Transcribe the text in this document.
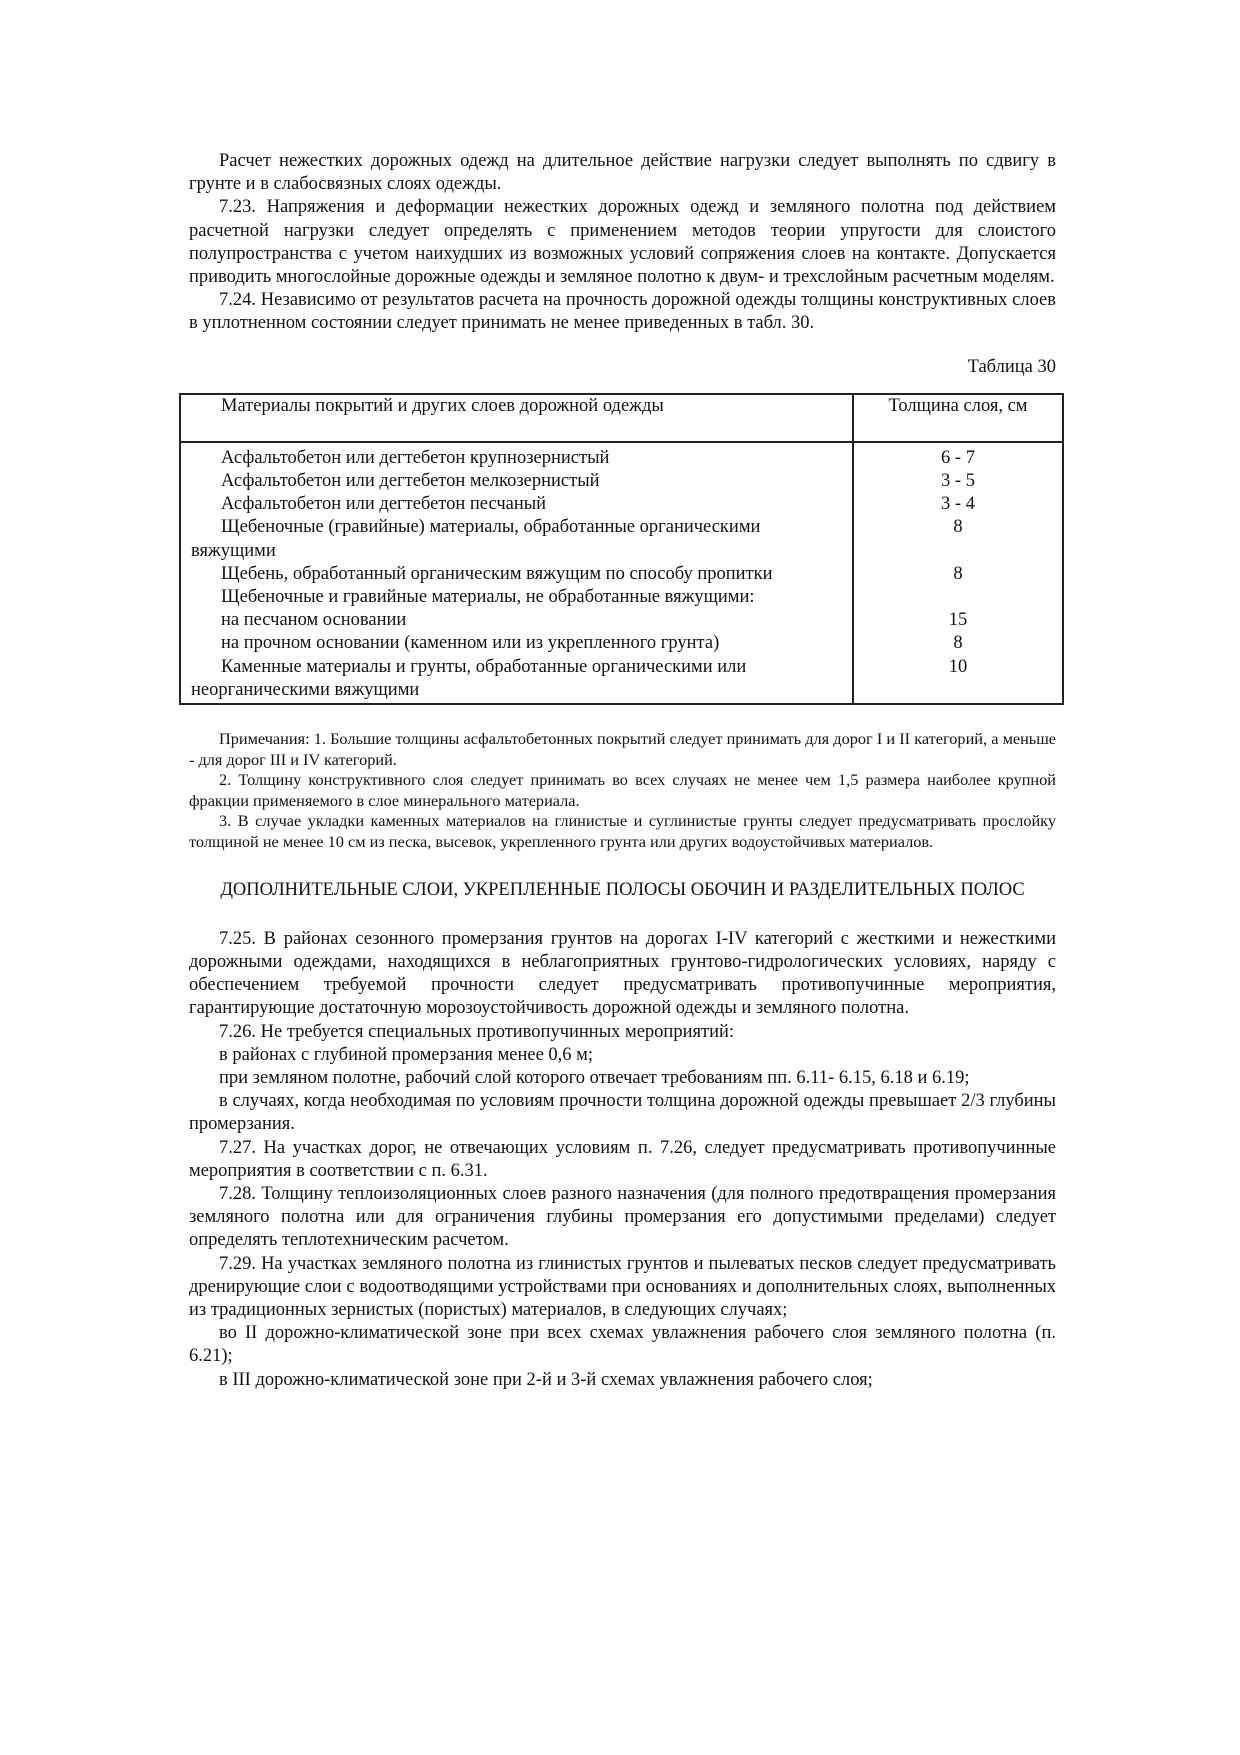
Расчет нежестких дорожных одежд на длительное действие нагрузки следует выполнять по сдвигу в грунте и в слабосвязных слоях одежды.

7.23. Напряжения и деформации нежестких дорожных одежд и земляного полотна под действием расчетной нагрузки следует определять с применением методов теории упругости для слоистого полупространства с учетом наихудших из возможных условий сопряжения слоев на контакте. Допускается приводить многослойные дорожные одежды и земляное полотно к двум- и трехслойным расчетным моделям.

7.24. Независимо от результатов расчета на прочность дорожной одежды толщины конструктивных слоев в уплотненном состоянии следует принимать не менее приведенных в табл. 30.

Таблица 30

Материалы покрытий и других слоев дорожной одежды	Толщина слоя, см

Асфальтобетон или дегтебетон крупнозернистый	6 - 7
Асфальтобетон или дегтебетон мелкозернистый	3 - 5
Асфальтобетон или дегтебетон песчаный	3 - 4
Щебеночные (гравийные) материалы, обработанные органическими вяжущими	8
Щебень, обработанный органическим вяжущим по способу пропитки	8
Щебеночные и гравийные материалы, не обработанные вяжущими:	
на песчаном основании	15
на прочном основании (каменном или из укрепленного грунта)	8
Каменные материалы и грунты, обработанные органическими или неорганическими вяжущими	10

Примечания: 1. Большие толщины асфальтобетонных покрытий следует принимать для дорог I и II категорий, а меньше - для дорог III и IV категорий.

2. Толщину конструктивного слоя следует принимать во всех случаях не менее чем 1,5 размера наиболее крупной фракции применяемого в слое минерального материала.

3. В случае укладки каменных материалов на глинистые и суглинистые грунты следует предусматривать прослойку толщиной не менее 10 см из песка, высевок, укрепленного грунта или других водоустойчивых материалов.

ДОПОЛНИТЕЛЬНЫЕ СЛОИ, УКРЕПЛЕННЫЕ ПОЛОСЫ ОБОЧИН И РАЗДЕЛИТЕЛЬНЫХ ПОЛОС

7.25. В районах сезонного промерзания грунтов на дорогах I-IV категорий с жесткими и нежесткими дорожными одеждами, находящихся в неблагоприятных грунтово-гидрологических условиях, наряду с обеспечением требуемой прочности следует предусматривать противопучинные мероприятия, гарантирующие достаточную морозоустойчивость дорожной одежды и земляного полотна.

7.26. Не требуется специальных противопучинных мероприятий:

в районах с глубиной промерзания менее 0,6 м;

при земляном полотне, рабочий слой которого отвечает требованиям пп. 6.11- 6.15, 6.18 и 6.19;

в случаях, когда необходимая по условиям прочности толщина дорожной одежды превышает 2/3 глубины промерзания.

7.27. На участках дорог, не отвечающих условиям п. 7.26, следует предусматривать противопучинные мероприятия в соответствии с п. 6.31.

7.28. Толщину теплоизоляционных слоев разного назначения (для полного предотвращения промерзания земляного полотна или для ограничения глубины промерзания его допустимыми пределами) следует определять теплотехническим расчетом.

7.29. На участках земляного полотна из глинистых грунтов и пылеватых песков следует предусматривать дренирующие слои с водоотводящими устройствами при основаниях и дополнительных слоях, выполненных из традиционных зернистых (пористых) материалов, в следующих случаях;

во II дорожно-климатической зоне при всех схемах увлажнения рабочего слоя земляного полотна (п. 6.21);

в III дорожно-климатической зоне при 2-й и 3-й схемах увлажнения рабочего слоя;
